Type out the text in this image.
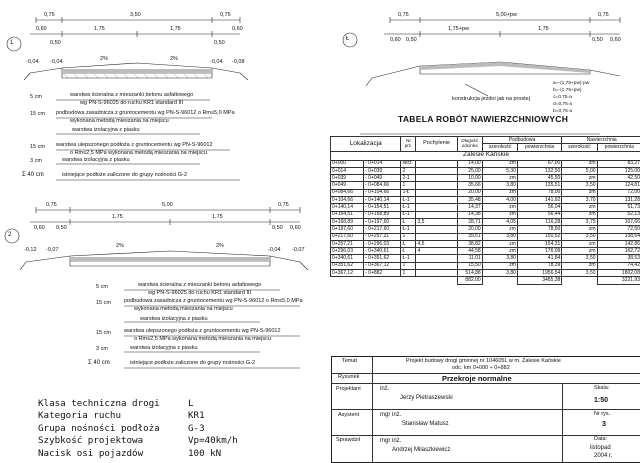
1
0,75	3,50	0,75
0,60
0,50
1,75	1,75
0,50
0,60
-0,04 -0,04	2%	2%	-0,04 -0,08
5 cm	warstwa ścieralna z mieszanki betonu asfaltowego
wg PN-S-96025 do ruchu KR1 standard III
15 cm podbudowa zasadnicza z gruntocementu wg PN-S-96012 o Rm≤5,0 MPa
wykonana metodą mieszania na miejscu
warstwa izolacyjna z piasku
15 cm warstwa ulepszonego podłoża z gruntocementu wg PN-S-96012
o Rm≤2,5 MPa wykonana metodą mieszania na miejscu
3 cm	warstwa izolacyjna z piasku
Σ 40 cm	istniejące podłoże zaliczone do grupy nośności G-2
2
0,75	5,00	0,75
0,60 0,50
1,75	1,75
0,50 0,60
-0,12 -0,07
2%	2%
-0,04 -0,07
5 cm	warstwa ścieralna z mieszanki betonu asfaltowego
wg PN-S-96025 do ruchu KR1 standard III
15 cm podbudowa zasadnicza z gruntocementu wg PN-S-96012 o Rm≤5,0 MPa
wykonana metodą mieszania na miejscu
warstwa izolacyjna z piasku
15 cm warstwa ulepszonego podłoża z gruntocementu wg PN-S-96012
o Rm≤2,5 MPa wykonana metodą mieszania na miejscu
3 cm	warstwa izolacyjna z piasku
Σ 40 cm	istniejące podłoże zaliczone do grupy nośności G-2
Klasa techniczna drogi	L
Kategoria ruchu	KR1
Grupa nośności podłoża	G-3
Szybkość projektowa	Vp=40km/h
Nacisk osi pojazdów	100 kN
Ł
0,75	5,00+pw	0,75
0,60 0,50
1,75+pw	1,75
0,50 0,60
konstrukcja jezdni jak na prostej
a=-(1,75+pw)·pw
b=-(1,75+pw)
c=0,75·a
d=0,75·a
b=0,75·a
TABELA ROBÓT NAWIERZCHNIOWYCH
Lokalizacja		Nr prz.	Pochylenie	Długość odcinka	Podbudowa		Nawierzchnia	
					szerokość	powierzchnia	szerokość	powierzchnia
Zalesie Kańskie								
0+000	- 0+014	skrz.		14,00	zm	87,00	zm	83,27
0+014	- 0+039	2		25,00	5,30	132,50	5,00	125,00
0+039	- 0+049	2-1		10,00	zm	45,50	zm	42,50
0+049	- 0+084,66	1		35,66	3,80	135,51	3,50	124,81
0+084,66	- 0+104,66	1-Ł		20,00	zm	78,00	zm	72,00
0+104,66	- 0+140,14	Ł-1		35,48	4,00	141,92	3,70	131,28
0+140,14	- 0+154,51	Ł-1		14,37	zm	56,04	zm	51,73
0+154,51	- 0+168,89	Ł-1		14,38	zm	56,44	zm	52,13
0+168,89	- 0+197,60	Ł	3,5	28,71	4,05	116,28	3,75	107,66
0+197,60	- 0+217,60	Ł-1		20,00	zm	78,50	zm	72,50
0+217,60	- 0+257,21	1		39,61	3,80	150,52	3,50	138,64
0+257,21	- 0+296,03	Ł	4,5	38,82	zm	154,31	zm	142,86
0+296,03	- 0+340,61	Ł	4	44,58	zm	176,09	zm	162,72
0+340,61	- 0+351,62	Ł-1		11,01	3,80	41,84	3,50	38,53
0+351,62	- 0+367,12	1		15,50	zm	78,39	zm	74,42
0+367,12	- 0+882	1		514,88	3,80	1956,54	3,50	1802,08
				882,00		3485,38		3221,93
Temat	Projekt budowy drogi gminnej nr 104605L w m. Zalesie Kańskie
odc. km 0+000 ÷ 0+882
Rysunek	Przekroje normalne
Projektant	inż.
Jerzy Pietraszewski
Asystent	mgr inż.
Stanisław Matusz
Sprawdził	mgr inż.
Andrzej Milaszkiewicz
Skala:
1:50
Nr rys.
3
Data:
listopad
2004 r.
